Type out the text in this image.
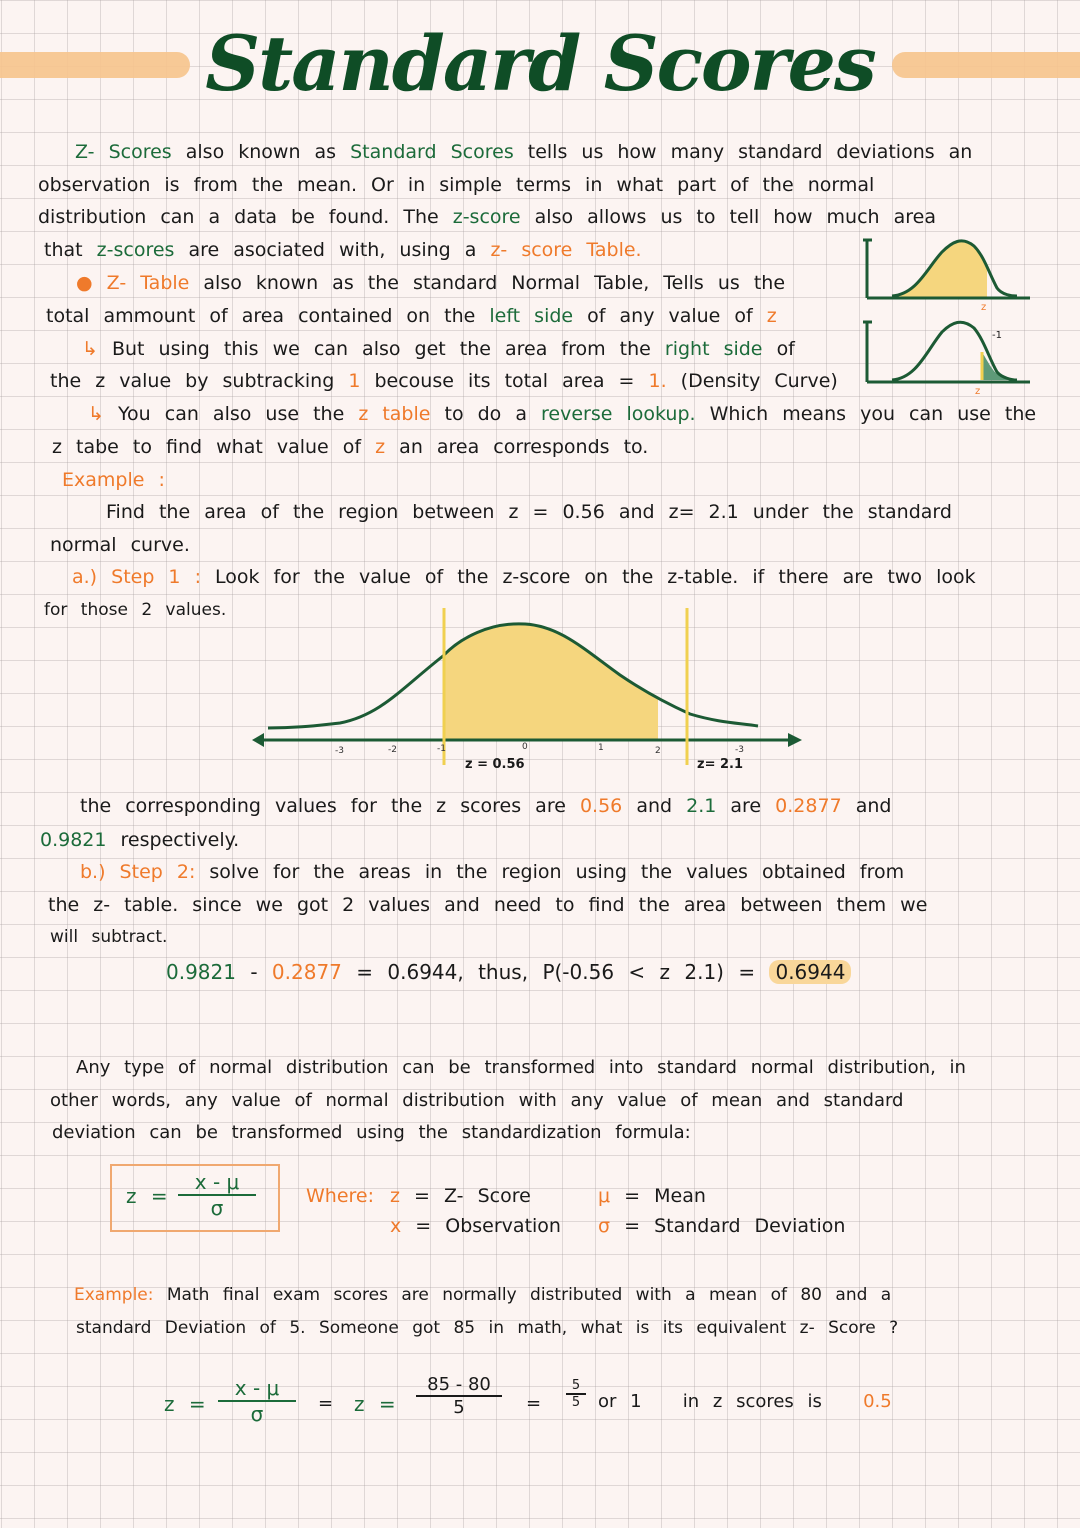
Standard Scores
Z- Scores also known as Standard Scores tells us how many standard deviations an
observation is from the mean. Or in simple terms in what part of the normal
distribution can a data be found. The z-score also allows us to tell how much area
that z-scores are asociated with, using a z- score Table.
● Z- Table also known as the standard Normal Table, Tells us the
total ammount of area contained on the left side of any value of z
↳ But using this we can also get the area from the right side of
the z value by subtracking 1 becouse its total area = 1. (Density Curve)
↳ You can also use the z table to do a reverse lookup. Which means you can use the
z tabe to find what value of z an area corresponds to.
z
-1
z
Example :
Find the area of the region between z = 0.56 and z= 2.1 under the standard
normal curve.
a.) Step 1 : Look for the value of the z-score on the z-table. if there are two look
for those 2 values.
-3	-2	-1	0	1	2	-3
z = 0.56	z= 2.1
the corresponding values for the z scores are 0.56 and 2.1 are 0.2877 and
0.9821 respectively.
b.) Step 2: solve for the areas in the region using the values obtained from
the z- table. since we got 2 values and need to find the area between them we
will subtract.
0.9821 - 0.2877 = 0.6944, thus, P(-0.56 < z 2.1) = 0.6944
Any type of normal distribution can be transformed into standard normal distribution, in
other words, any value of normal distribution with any value of mean and standard
deviation can be transformed using the standardization formula:
$z = \frac{x - \mu}{\sigma}$	Where: z = Z- Score
x = Observation
μ = Mean
σ = Standard Deviation
Example: Math final exam scores are normally distributed with a mean of 80 and a
standard Deviation of 5. Someone got 85 in math, what is its equivalent z- Score ?
$z = \frac{x - \mu}{\sigma} = z = \frac{85 - 80}{5} = \frac{5}{5}$ or 1 in z scores is 0.5
